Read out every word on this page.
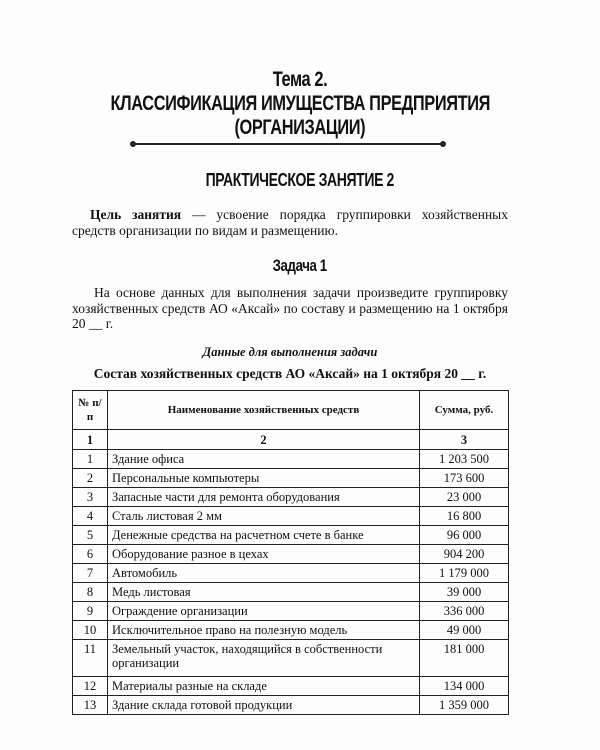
Тема 2.
КЛАССИФИКАЦИЯ ИМУЩЕСТВА ПРЕДПРИЯТИЯ
(ОРГАНИЗАЦИИ)
ПРАКТИЧЕСКОЕ ЗАНЯТИЕ 2
Цель занятия — усвоение порядка группировки хозяйственных средств организации по видам и размещению.
Задача 1
На основе данных для выполнения задачи произведите группировку хозяйственных средств АО «Аксай» по составу и размещению на 1 октября 20 __ г.
Данные для выполнения задачи
Состав хозяйственных средств АО «Аксай» на 1 октября 20 __ г.
№ п/п	Наименование хозяйственных средств	Сумма, руб.
1	2	3
1	Здание офиса	1 203 500
2	Персональные компьютеры	173 600
3	Запасные части для ремонта оборудования	23 000
4	Сталь листовая 2 мм	16 800
5	Денежные средства на расчетном счете в банке	96 000
6	Оборудование разное в цехах	904 200
7	Автомобиль	1 179 000
8	Медь листовая	39 000
9	Ограждение организации	336 000
10	Исключительное право на полезную модель	49 000
11	Земельный участок, находящийся в собственности организации	181 000
12	Материалы разные на складе	134 000
13	Здание склада готовой продукции	1 359 000
